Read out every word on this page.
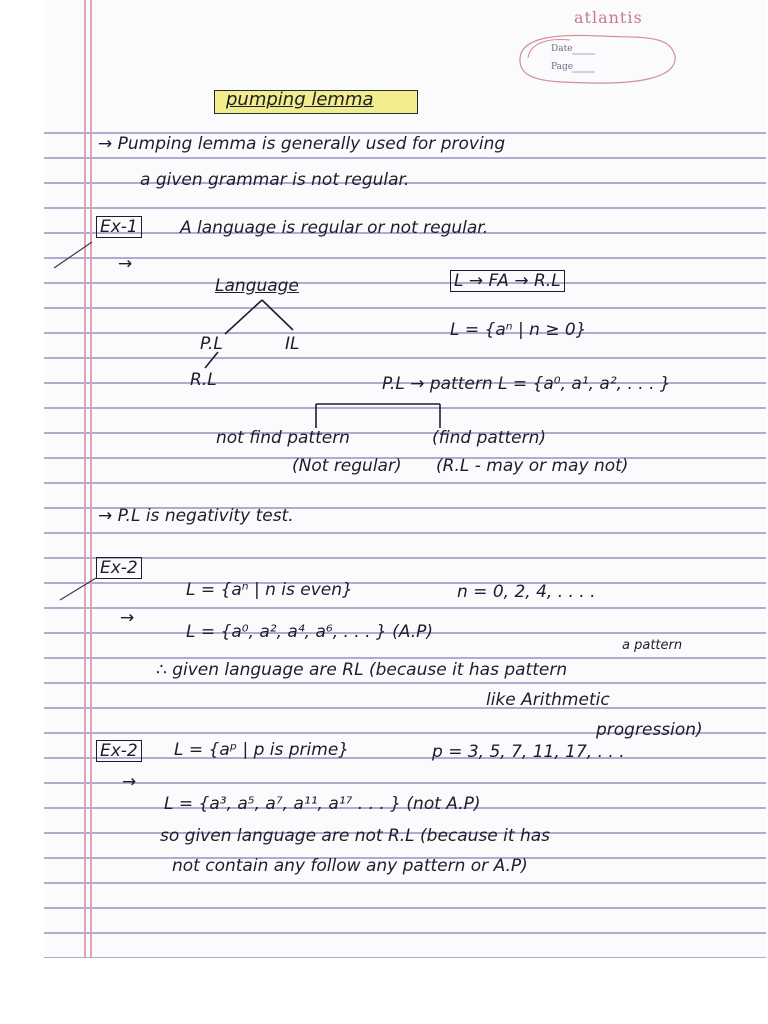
atlantis
Date
Page
pumping lemma
→ Pumping lemma is generally used for proving
a given grammar is not regular.
Ex-1 A language is regular or not regular.
→
Language	L → FA → R.L
P.L	IL
R.L
L = {aⁿ | n ≥ 0}
P.L → pattern L = {a⁰, a¹, a², . . . }
not find pattern	(find pattern)
(Not regular) (R.L - may or may not)
→ P.L is negativity test.
Ex-2
L = {aⁿ | n is even}	n = 0, 2, 4, . . . .
→
L = {a⁰, a², a⁴, a⁶, . . . } (A.P)
a pattern
∴ given language are RL (because it has pattern
like Arithmetic
progression)
Ex-2 L = {aᵖ | p is prime}	p = 3, 5, 7, 11, 17, . . .
→
L = {a³, a⁵, a⁷, a¹¹, a¹⁷ . . . } (not A.P)
so given language are not R.L (because it has
not contain any follow any pattern or A.P)
